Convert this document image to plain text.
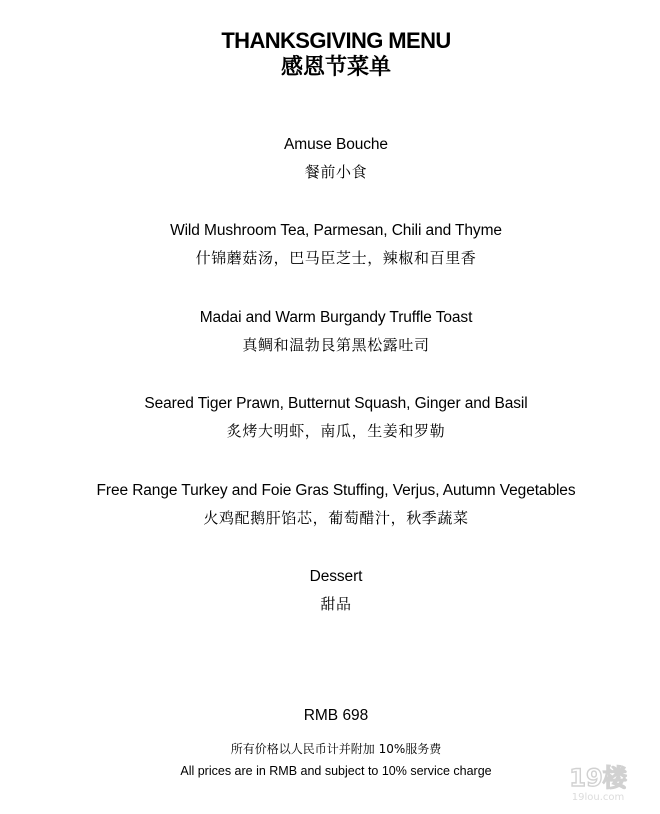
THANKSGIVING MENU
感恩节菜单
Amuse Bouche
餐前小食
Wild Mushroom Tea, Parmesan, Chili and Thyme
什锦蘑菇汤，巴马臣芝士，辣椒和百里香
Madai and Warm Burgandy Truffle Toast
真鲷和温勃艮第黑松露吐司
Seared Tiger Prawn, Butternut Squash, Ginger and Basil
炙烤大明虾，南瓜，生姜和罗勒
Free Range Turkey and Foie Gras Stuffing, Verjus, Autumn Vegetables
火鸡配鹅肝馅芯，葡萄醋汁，秋季蔬菜
Dessert
甜品
RMB 698
所有价格以人民币计并附加 10%服务费
All prices are in RMB and subject to 10% service charge	19楼
19lou.com
